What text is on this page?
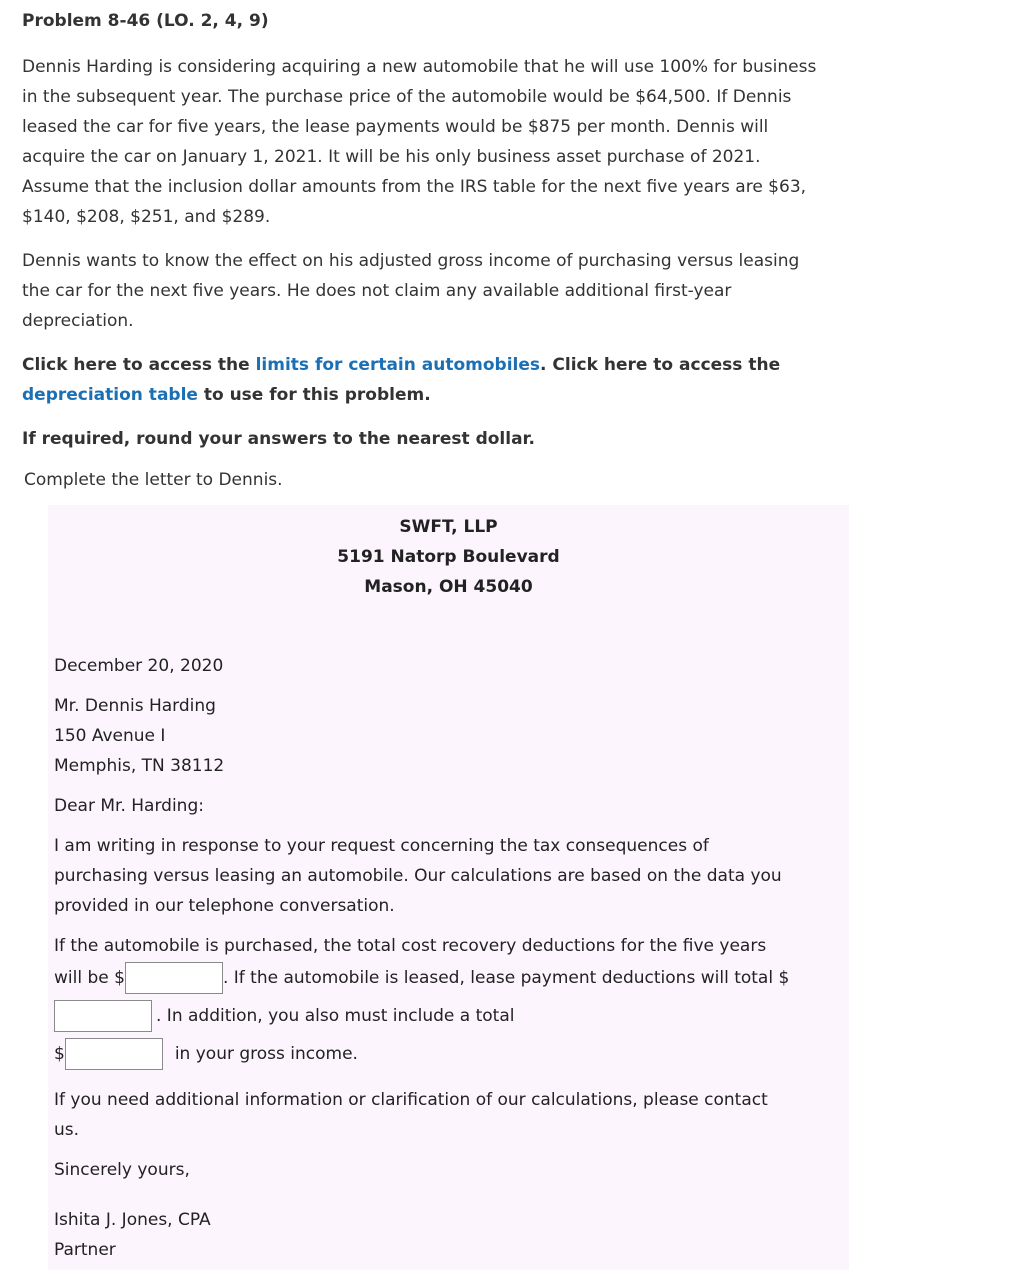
Problem 8-46 (LO. 2, 4, 9)
Dennis Harding is considering acquiring a new automobile that he will use 100% for business
in the subsequent year. The purchase price of the automobile would be $64,500. If Dennis
leased the car for five years, the lease payments would be $875 per month. Dennis will
acquire the car on January 1, 2021. It will be his only business asset purchase of 2021.
Assume that the inclusion dollar amounts from the IRS table for the next five years are $63,
$140, $208, $251, and $289.
Dennis wants to know the effect on his adjusted gross income of purchasing versus leasing
the car for the next five years. He does not claim any available additional first-year
depreciation.
Click here to access the limits for certain automobiles. Click here to access the
depreciation table to use for this problem.
If required, round your answers to the nearest dollar.
Complete the letter to Dennis.
SWFT, LLP
5191 Natorp Boulevard
Mason, OH 45040
December 20, 2020
Mr. Dennis Harding
150 Avenue I
Memphis, TN 38112
Dear Mr. Harding:
I am writing in response to your request concerning the tax consequences of
purchasing versus leasing an automobile. Our calculations are based on the data you
provided in our telephone conversation.
If the automobile is purchased, the total cost recovery deductions for the five years
will be $	. If the automobile is leased, lease payment deductions will total $
. In addition, you also must include a total
$	in your gross income.
If you need additional information or clarification of our calculations, please contact
us.
Sincerely yours,
Ishita J. Jones, CPA
Partner
